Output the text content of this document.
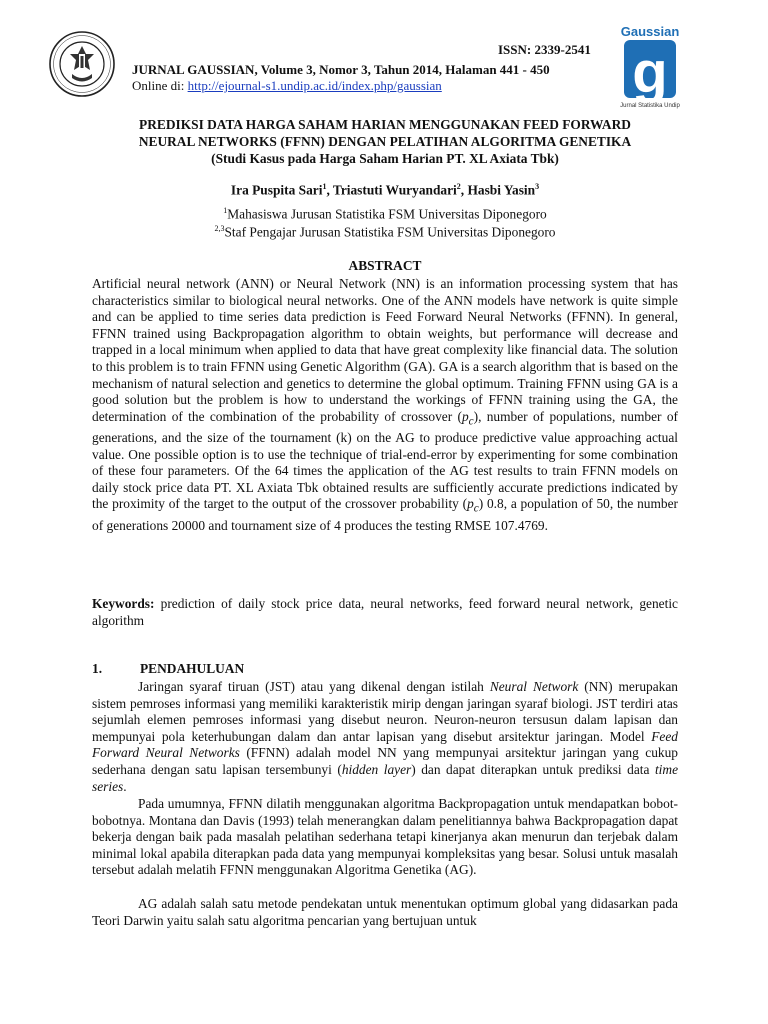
ISSN: 2339-2541
JURNAL GAUSSIAN, Volume 3, Nomor 3, Tahun 2014, Halaman 441 - 450
Online di: http://ejournal-s1.undip.ac.id/index.php/gaussian
Gaussian
g
Jurnal Statistika Undip
PREDIKSI DATA HARGA SAHAM HARIAN MENGGUNAKAN FEED FORWARD
NEURAL NETWORKS (FFNN) DENGAN PELATIHAN ALGORITMA GENETIKA
(Studi Kasus pada Harga Saham Harian PT. XL Axiata Tbk)
Ira Puspita Sari$^1$, Triastuti Wuryandari$^2$, Hasbi Yasin$^3$
$^1$Mahasiswa Jurusan Statistika FSM Universitas Diponegoro
$^{2,3}$Staf Pengajar Jurusan Statistika FSM Universitas Diponegoro
ABSTRACT
Artificial neural network (ANN) or Neural Network (NN) is an information processing system that has characteristics similar to biological neural networks. One of the ANN models have network is quite simple and can be applied to time series data prediction is Feed Forward Neural Networks (FFNN). In general, FFNN trained using Backpropagation algorithm to obtain weights, but performance will decrease and trapped in a local minimum when applied to data that have great complexity like financial data. The solution to this problem is to train FFNN using Genetic Algorithm (GA). GA is a search algorithm that is based on the mechanism of natural selection and genetics to determine the global optimum. Training FFNN using GA is a good solution but the problem is how to understand the workings of FFNN training using the GA, the determination of the combination of the probability of crossover $(p_c)$, number of populations, number of generations, and the size of the tournament (k) on the AG to produce predictive value approaching actual value. One possible option is to use the technique of trial-end-error by experimenting for some combination of these four parameters. Of the 64 times the application of the AG test results to train FFNN models on daily stock price data PT. XL Axiata Tbk obtained results are sufficiently accurate predictions indicated by the proximity of the target to the output of the crossover probability $(p_c)$ 0.8, a population of 50, the number of generations 20000 and tournament size of 4 produces the testing RMSE 107.4769.
Keywords: prediction of daily stock price data, neural networks, feed forward neural network, genetic algorithm
1.	PENDAHULUAN
Jaringan syaraf tiruan (JST) atau yang dikenal dengan istilah Neural Network (NN) merupakan sistem pemroses informasi yang memiliki karakteristik mirip dengan jaringan syaraf biologi. JST terdiri atas sejumlah elemen pemroses informasi yang disebut neuron. Neuron-neuron tersusun dalam lapisan dan mempunyai pola keterhubungan dalam dan antar lapisan yang disebut arsitektur jaringan. Model Feed Forward Neural Networks (FFNN) adalah model NN yang mempunyai arsitektur jaringan yang cukup sederhana dengan satu lapisan tersembunyi (hidden layer) dan dapat diterapkan untuk prediksi data time series.
Pada umumnya, FFNN dilatih menggunakan algoritma Backpropagation untuk mendapatkan bobot-bobotnya. Montana dan Davis (1993) telah menerangkan dalam penelitiannya bahwa Backpropagation dapat bekerja dengan baik pada masalah pelatihan sederhana tetapi kinerjanya akan menurun dan terjebak dalam minimal lokal apabila diterapkan pada data yang mempunyai kompleksitas yang besar. Solusi untuk masalah tersebut adalah melatih FFNN menggunakan Algoritma Genetika (AG).
AG adalah salah satu metode pendekatan untuk menentukan optimum global yang didasarkan pada Teori Darwin yaitu salah satu algoritma pencarian yang bertujuan untuk
